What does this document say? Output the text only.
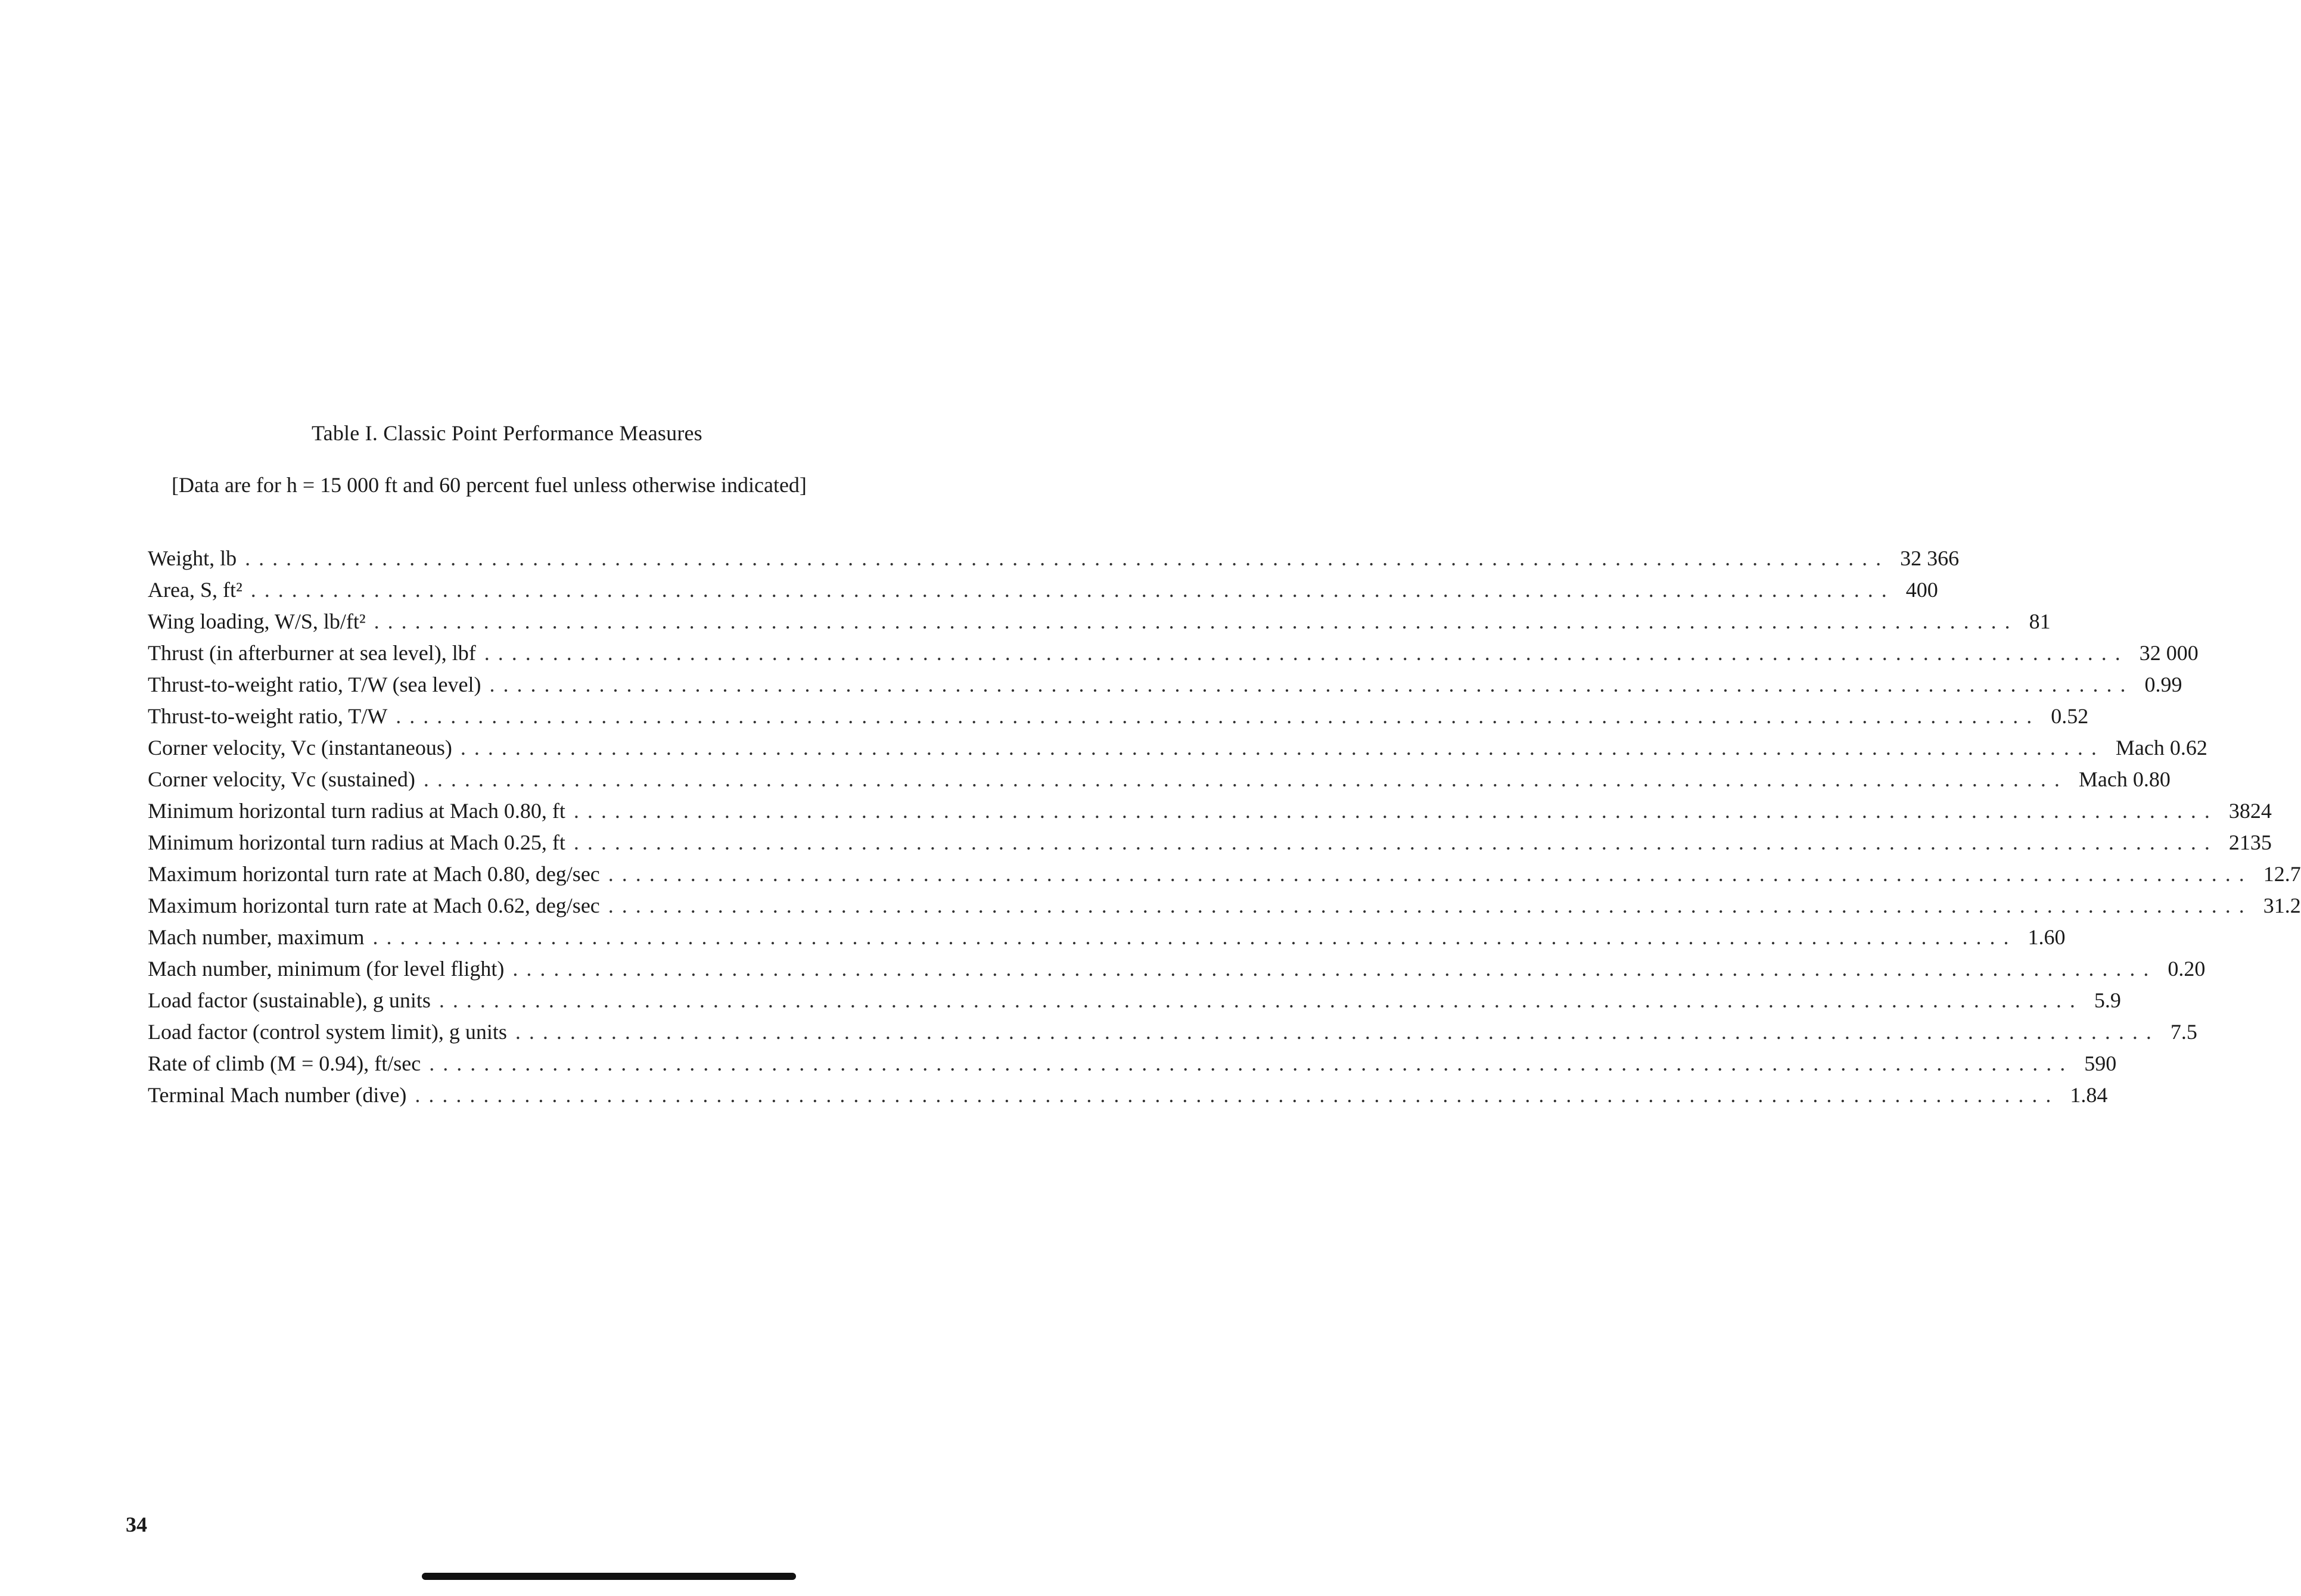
Table I. Classic Point Performance Measures
[Data are for h = 15 000 ft and 60 percent fuel unless otherwise indicated]
Weight, lb ........................................................................................................................ 32 366
Area, S, ft² ........................................................................................................................ 400
Wing loading, W/S, lb/ft² ........................................................................................................................ 81
Thrust (in afterburner at sea level), lbf ........................................................................................................................ 32 000
Thrust-to-weight ratio, T/W (sea level) ........................................................................................................................ 0.99
Thrust-to-weight ratio, T/W ........................................................................................................................ 0.52
Corner velocity, Vc (instantaneous) ........................................................................................................................ Mach 0.62
Corner velocity, Vc (sustained) ........................................................................................................................ Mach 0.80
Minimum horizontal turn radius at Mach 0.80, ft ........................................................................................................................ 3824
Minimum horizontal turn radius at Mach 0.25, ft ........................................................................................................................ 2135
Maximum horizontal turn rate at Mach 0.80, deg/sec ........................................................................................................................ 12.7
Maximum horizontal turn rate at Mach 0.62, deg/sec ........................................................................................................................ 31.2
Mach number, maximum ........................................................................................................................ 1.60
Mach number, minimum (for level flight) ........................................................................................................................ 0.20
Load factor (sustainable), g units ........................................................................................................................ 5.9
Load factor (control system limit), g units ........................................................................................................................ 7.5
Rate of climb (M = 0.94), ft/sec ........................................................................................................................ 590
Terminal Mach number (dive) ........................................................................................................................ 1.84
34
